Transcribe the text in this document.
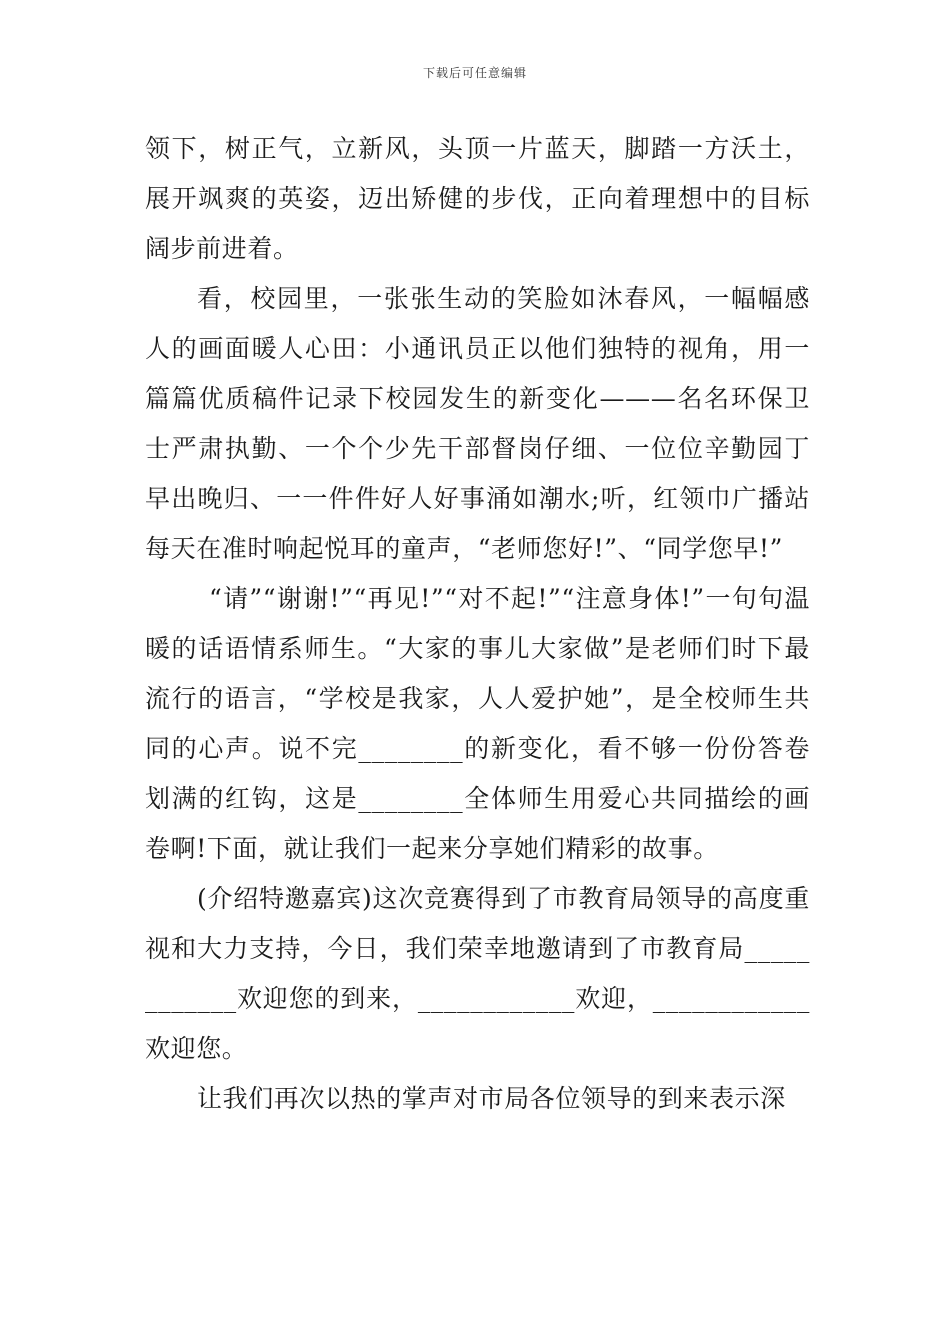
下载后可任意编辑

领下，树正气，立新风，头顶一片蓝天，脚踏一方沃土，展开飒爽的英姿，迈出矫健的步伐，正向着理想中的目标阔步前进着。

看，校园里，一张张生动的笑脸如沐春风，一幅幅感人的画面暖人心田：小通讯员正以他们独特的视角，用一篇篇优质稿件记录下校园发生的新变化———名名环保卫士严肃执勤、一个个少先干部督岗仔细、一位位辛勤园丁早出晚归、一一件件好人好事涌如潮水;听，红领巾广播站每天在准时响起悦耳的童声，“老师您好!”、“同学您早!”

“请”“谢谢!”“再见!”“对不起!”“注意身体!”一句句温暖的话语情系师生。“大家的事儿大家做”是老师们时下最流行的语言，“学校是我家，人人爱护她”，是全校师生共同的心声。说不完________的新变化，看不够一份份答卷划满的红钩，这是________全体师生用爱心共同描绘的画卷啊!下面，就让我们一起来分享她们精彩的故事。

(介绍特邀嘉宾)这次竞赛得到了市教育局领导的高度重视和大力支持，今日，我们荣幸地邀请到了市教育局____________欢迎您的到来，____________欢迎，____________欢迎您。

让我们再次以热的掌声对市局各位领导的到来表示深
